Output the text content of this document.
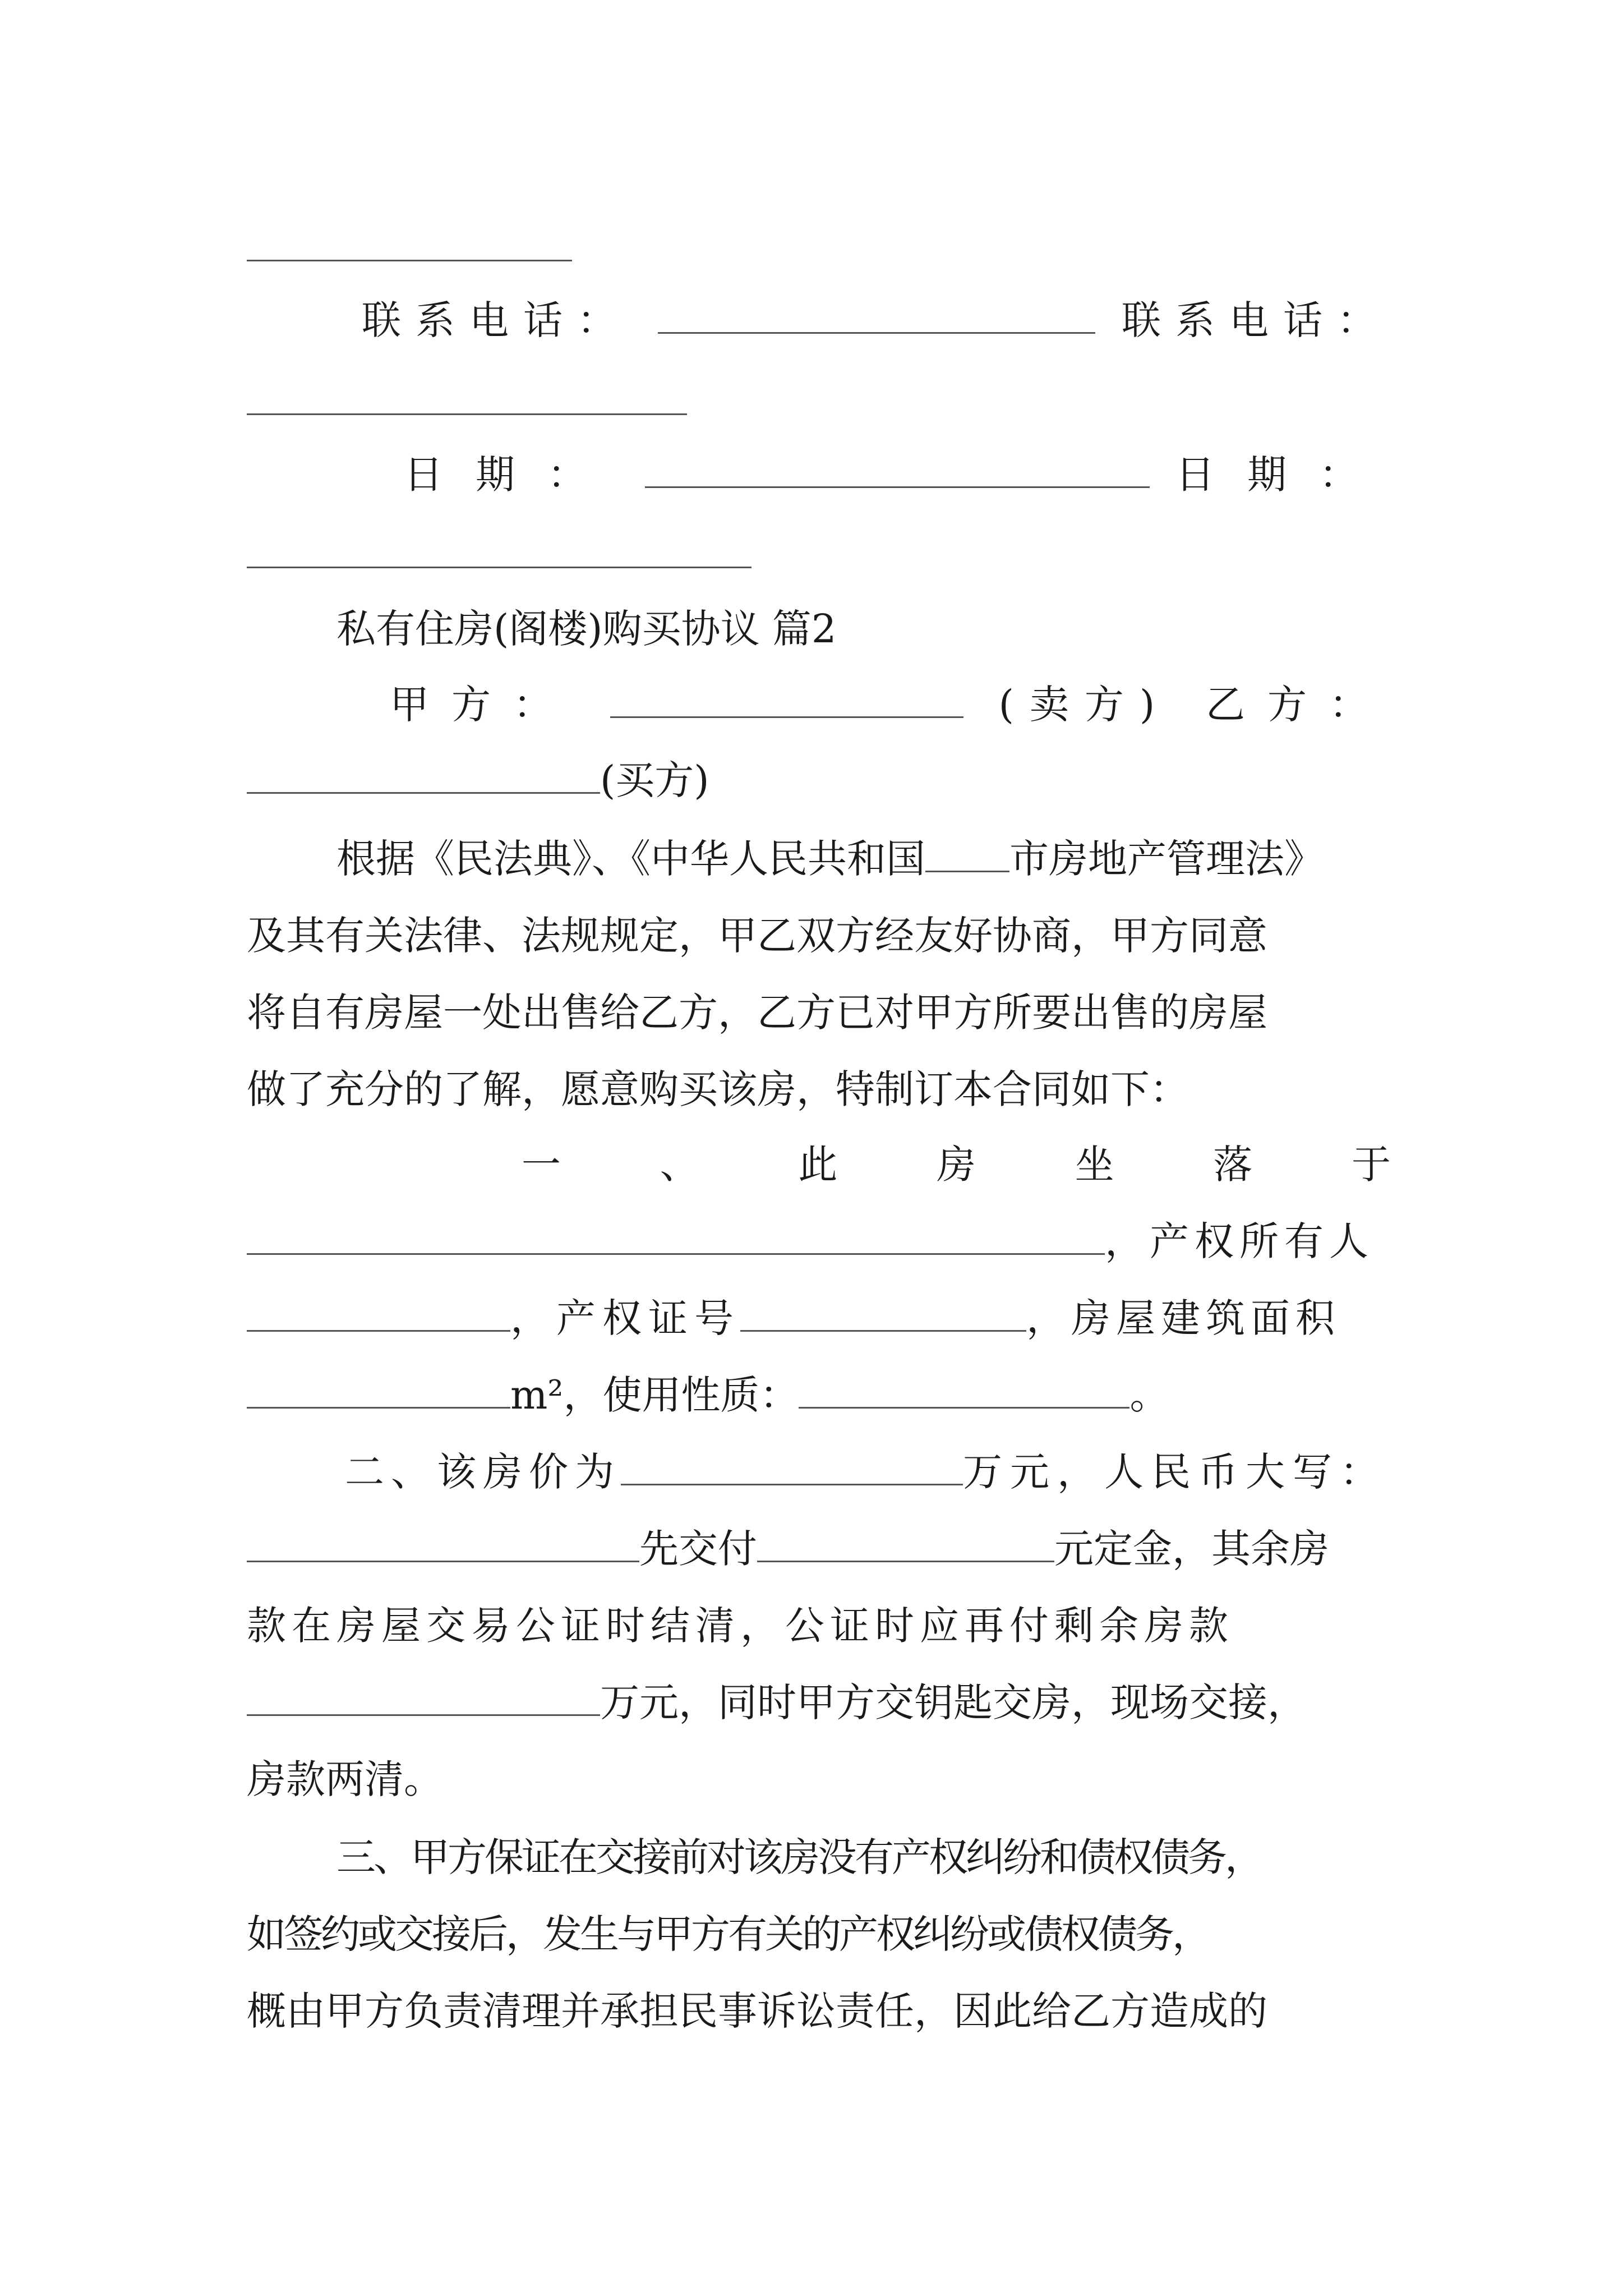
联系电话：	联系电话：
日期：	日期：
私有住房(阁楼)购买协议 篇2
甲方：	(卖方) 乙方：
(买方)

根据《民法典》、《中华人民共和国 市房地产管理法》

及其有关法律、法规规定，甲乙双方经友好协商，甲方同意

将自有房屋一处出售给乙方，乙方已对甲方所要出售的房屋

做了充分的了解，愿意购买该房，特制订本合同如下：

一	、	此	房	坐	落	于
，产权所有人
，产权证号	，房屋建筑面积
m²，使用性质：	。
二、该房价为	万元，人民币大写：
先交付	元定金，其余房
款在房屋交易公证时结清，公证时应再付剩余房款
万元，同时甲方交钥匙交房，现场交接，
房款两清。

三、甲方保证在交接前对该房没有产权纠纷和债权债务，

如签约或交接后，发生与甲方有关的产权纠纷或债权债务，

概由甲方负责清理并承担民事诉讼责任，因此给乙方造成的
